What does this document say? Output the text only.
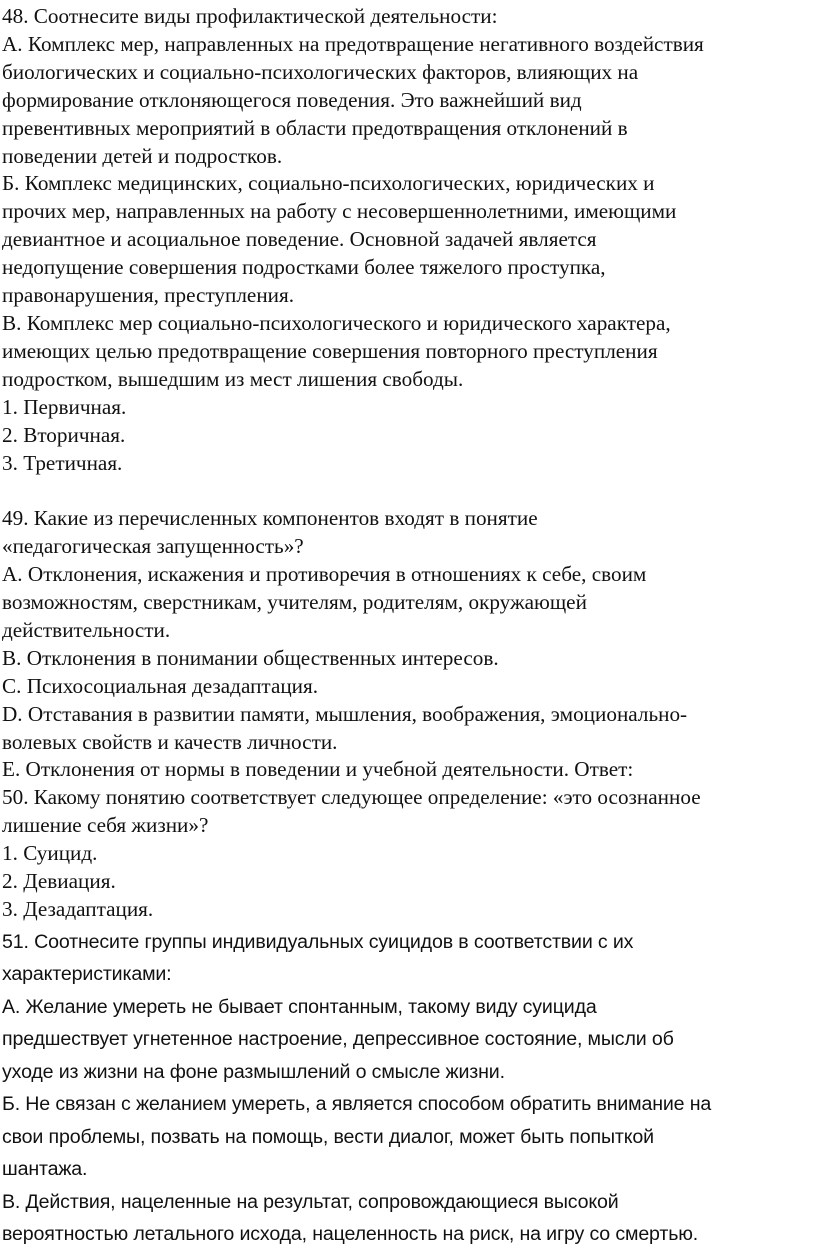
48. Соотнесите виды профилактической деятельности:

А. Комплекс мер, направленных на предотвращение негативного воздействия

биологических и социально-психологических факторов, влияющих на

формирование отклоняющегося поведения. Это важнейший вид

превентивных мероприятий в области предотвращения отклонений в

поведении детей и подростков.

Б. Комплекс медицинских, социально-психологических, юридических и

прочих мер, направленных на работу с несовершеннолетними, имеющими

девиантное и асоциальное поведение. Основной задачей является

недопущение совершения подростками более тяжелого проступка,

правонарушения, преступления.

В. Комплекс мер социально-психологического и юридического характера,

имеющих целью предотвращение совершения повторного преступления

подростком, вышедшим из мест лишения свободы.

1. Первичная.

2. Вторичная.

3. Третичная.

49. Какие из перечисленных компонентов входят в понятие

«педагогическая запущенность»?

A. Отклонения, искажения и противоречия в отношениях к себе, своим

возможностям, сверстникам, учителям, родителям, окружающей

действительности.

B. Отклонения в понимании общественных интересов.

C. Психосоциальная дезадаптация.

D. Отставания в развитии памяти, мышления, воображения, эмоционально-

волевых свойств и качеств личности.

E. Отклонения от нормы в поведении и учебной деятельности. Ответ:

50. Какому понятию соответствует следующее определение: «это осознанное

лишение себя жизни»?

1. Суицид.

2. Девиация.

3. Дезадаптация.

51. Соотнесите группы индивидуальных суицидов в соответствии с их

характеристиками:

А. Желание умереть не бывает спонтанным, такому виду суицида

предшествует угнетенное настроение, депрессивное состояние, мысли об

уходе из жизни на фоне размышлений о смысле жизни.

Б. Не связан с желанием умереть, а является способом обратить внимание на

свои проблемы, позвать на помощь, вести диалог, может быть попыткой

шантажа.

В. Действия, нацеленные на результат, сопровождающиеся высокой

вероятностью летального исхода, нацеленность на риск, на игру со смертью.
